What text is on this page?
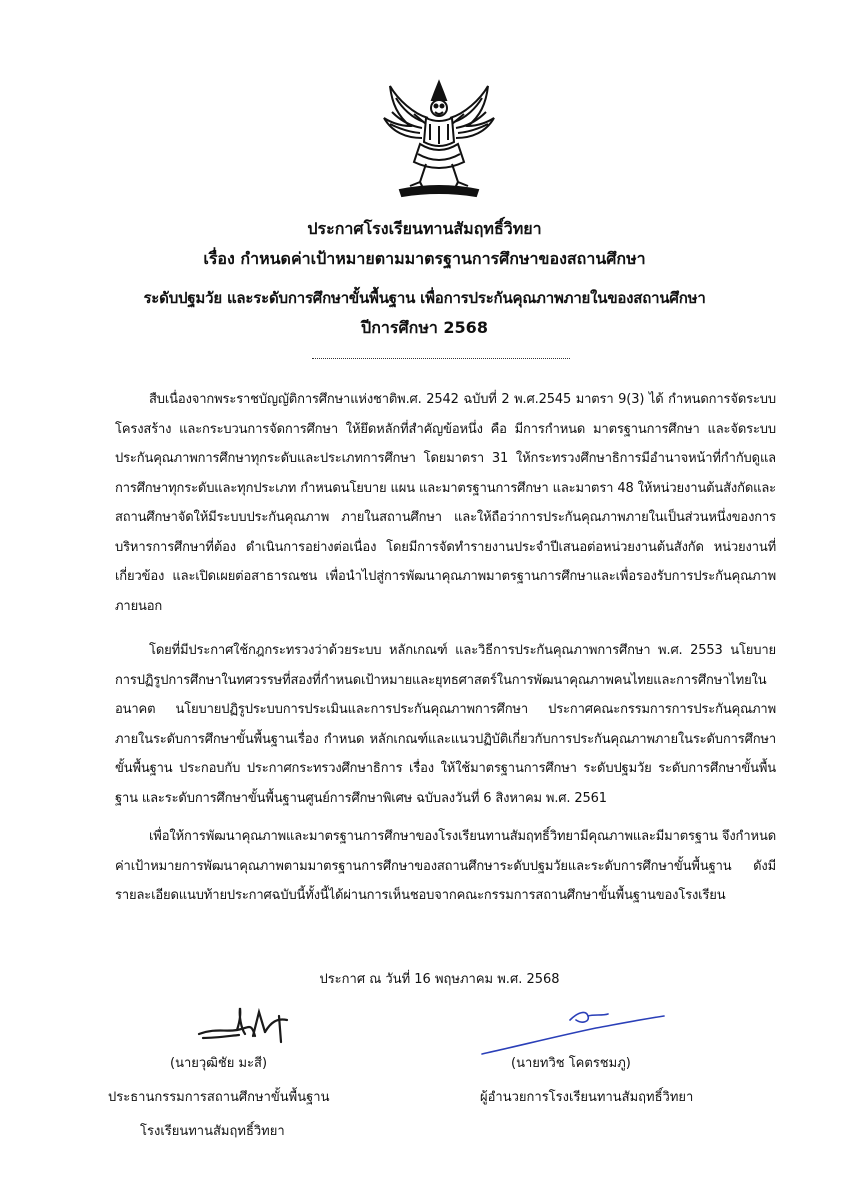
ประกาศโรงเรียนทานสัมฤทธิ์วิทยา
เรื่อง กำหนดค่าเป้าหมายตามมาตรฐานการศึกษาของสถานศึกษา
ระดับปฐมวัย และระดับการศึกษาขั้นพื้นฐาน เพื่อการประกันคุณภาพภายในของสถานศึกษา
ปีการศึกษา 2568

สืบเนื่องจากพระราชบัญญัติการศึกษาแห่งชาติพ.ศ. 2542 ฉบับที่ 2 พ.ศ.2545 มาตรา 9(3) ได้ กำหนดการจัดระบบ โครงสร้าง และกระบวนการจัดการศึกษา ให้ยึดหลักที่สำคัญข้อหนึ่ง คือ มีการกำหนด มาตรฐานการศึกษา และจัดระบบประกันคุณภาพการศึกษาทุกระดับและประเภทการศึกษา โดยมาตรา 31 ให้กระทรวงศึกษาธิการมีอำนาจหน้าที่กำกับดูแลการศึกษาทุกระดับและทุกประเภท กำหนดนโยบาย แผน และมาตรฐานการศึกษา และมาตรา 48 ให้หน่วยงานต้นสังกัดและสถานศึกษาจัดให้มีระบบประกันคุณภาพ ภายในสถานศึกษา และให้ถือว่าการประกันคุณภาพภายในเป็นส่วนหนึ่งของการบริหารการศึกษาที่ต้อง ดำเนินการอย่างต่อเนื่อง โดยมีการจัดทำรายงานประจำปีเสนอต่อหน่วยงานต้นสังกัด หน่วยงานที่เกี่ยวข้อง และเปิดเผยต่อสาธารณชน เพื่อนำไปสู่การพัฒนาคุณภาพมาตรฐานการศึกษาและเพื่อรองรับการประกันคุณภาพภายนอก

โดยที่มีประกาศใช้กฎกระทรวงว่าด้วยระบบ หลักเกณฑ์ และวิธีการประกันคุณภาพการศึกษา พ.ศ. 2553 นโยบายการปฏิรูปการศึกษาในทศวรรษที่สองที่กำหนดเป้าหมายและยุทธศาสตร์ในการพัฒนาคุณภาพคนไทยและการศึกษาไทยในอนาคต นโยบายปฏิรูประบบการประเมินและการประกันคุณภาพการศึกษา ประกาศคณะกรรมการการประกันคุณภาพภายในระดับการศึกษาขั้นพื้นฐานเรื่อง กำหนด หลักเกณฑ์และแนวปฏิบัติเกี่ยวกับการประกันคุณภาพภายในระดับการศึกษาขั้นพื้นฐาน ประกอบกับ ประกาศกระทรวงศึกษาธิการ เรื่อง ให้ใช้มาตรฐานการศึกษา ระดับปฐมวัย ระดับการศึกษาขั้นพื้นฐาน และระดับการศึกษาขั้นพื้นฐานศูนย์การศึกษาพิเศษ ฉบับลงวันที่ 6 สิงหาคม พ.ศ. 2561

เพื่อให้การพัฒนาคุณภาพและมาตรฐานการศึกษาของโรงเรียนทานสัมฤทธิ์วิทยามีคุณภาพและมีมาตรฐาน จึงกำหนดค่าเป้าหมายการพัฒนาคุณภาพตามมาตรฐานการศึกษาของสถานศึกษาระดับปฐมวัยและระดับการศึกษาขั้นพื้นฐาน ดังมีรายละเอียดแนบท้ายประกาศฉบับนี้ทั้งนี้ได้ผ่านการเห็นชอบจากคณะกรรมการสถานศึกษาขั้นพื้นฐานของโรงเรียน

ประกาศ ณ วันที่ 16 พฤษภาคม พ.ศ. 2568

(นายวุฒิชัย มะสี)

ประธานกรรมการสถานศึกษาขั้นพื้นฐาน

โรงเรียนทานสัมฤทธิ์วิทยา

(นายทวิช โคตรชมภู)

ผู้อำนวยการโรงเรียนทานสัมฤทธิ์วิทยา
